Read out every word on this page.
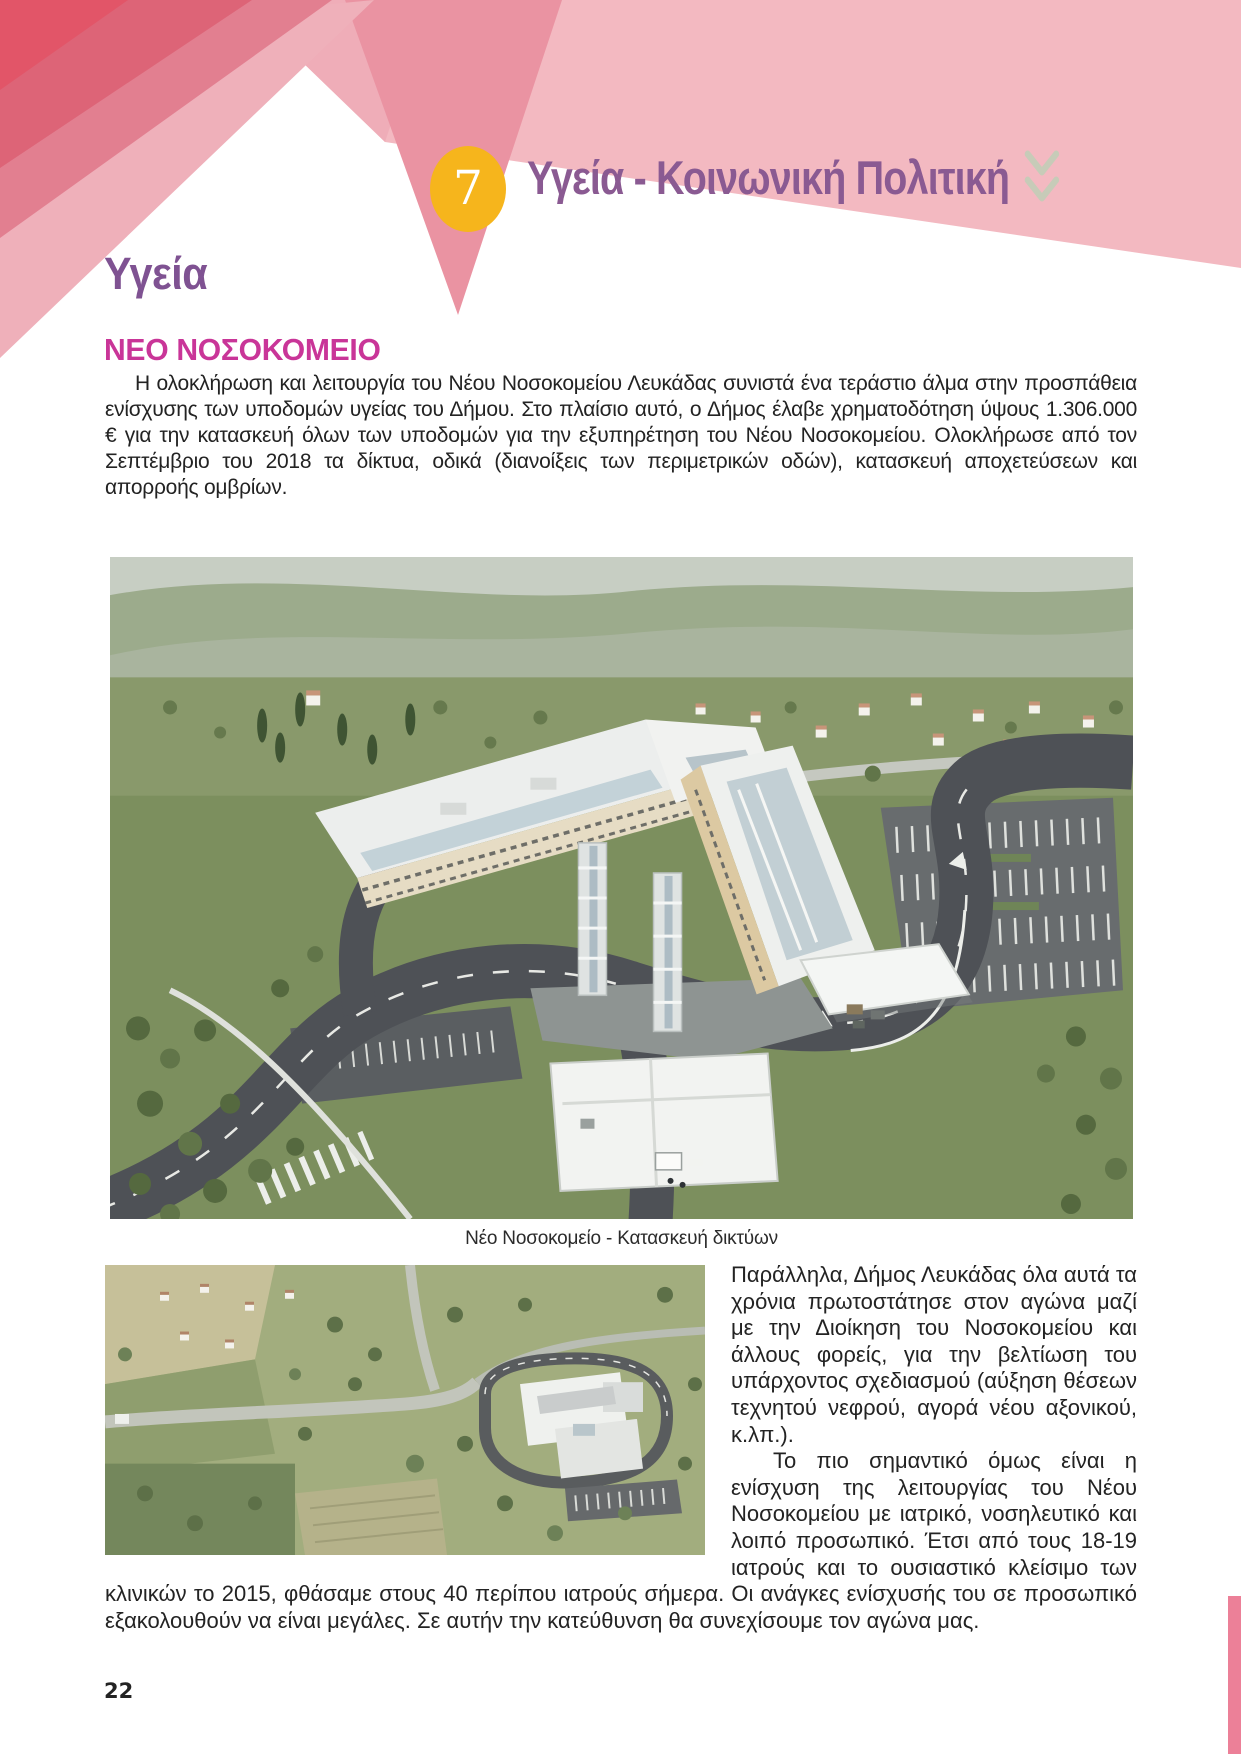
7 Υγεία - Κοινωνική Πολιτική
Υγεία
ΝΕΟ ΝΟΣΟΚΟΜΕΙΟ

Η ολοκλήρωση και λειτουργία του Νέου Νοσοκομείου Λευκάδας συνιστά ένα τεράστιο άλμα στην προσπάθεια ενίσχυσης των υποδομών υγείας του Δήμου. Στο πλαίσιο αυτό, ο Δήμος έλαβε χρηματοδότηση ύψους 1.306.000 € για την κατασκευή όλων των υποδομών για την εξυπηρέτηση του Νέου Νοσοκομείου. Ολοκλήρωσε από τον Σεπτέμβριο του 2018 τα δίκτυα, οδικά (διανοίξεις των περιμετρικών οδών), κατασκευή αποχετεύσεων και απορροής ομβρίων.

Νέο Νοσοκομείο - Κατασκευή δικτύων

Παράλληλα, Δήμος Λευκάδας όλα αυτά τα χρόνια πρωτοστάτησε στον αγώνα μαζί με την Διοίκηση του Νοσοκομείου και άλλους φορείς, για την βελτίωση του υπάρχοντος σχεδιασμού (αύξηση θέσεων τεχνητού νεφρού, αγορά νέου αξονικού, κ.λπ.).

Το πιο σημαντικό όμως είναι η ενίσχυση της λειτουργίας του Νέου Νοσοκομείου με ιατρικό, νοσηλευτικό και λοιπό προσωπικό. Έτσι από τους 18-19 ιατρούς και το ουσιαστικό κλείσιμο των κλινικών το 2015, φθάσαμε στους 40 περίπου ιατρούς σήμερα. Οι ανάγκες ενίσχυσής του σε προσωπικό εξακολουθούν να είναι μεγάλες. Σε αυτήν την κατεύθυνση θα συνεχίσουμε τον αγώνα μας.

22
